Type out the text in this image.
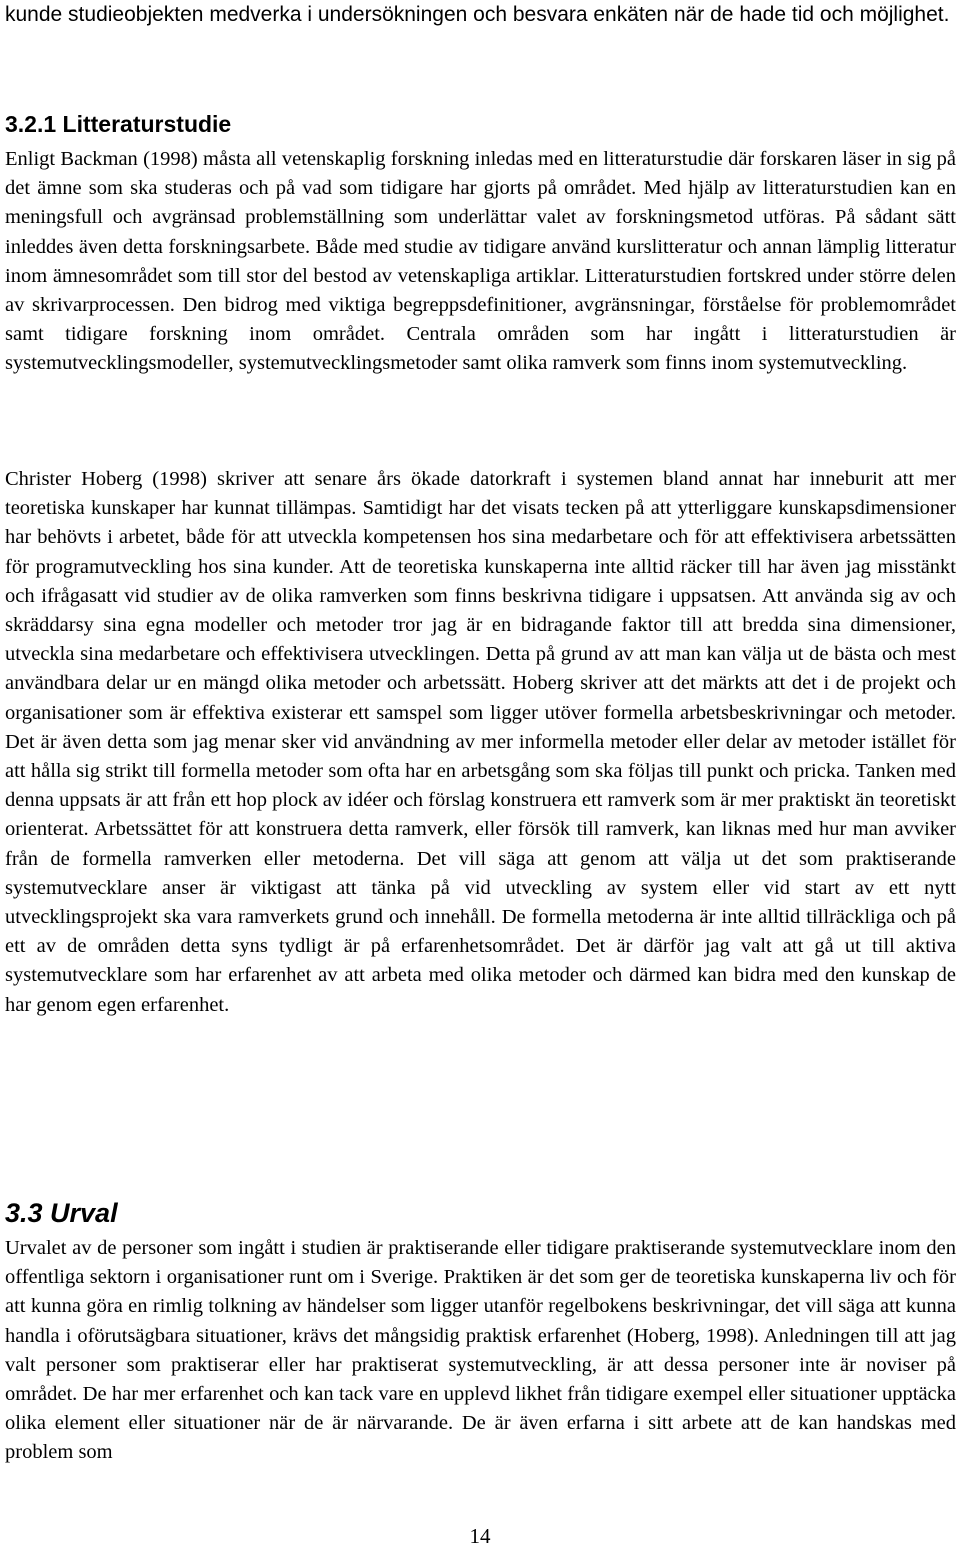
kunde studieobjekten medverka i undersökningen och besvara enkäten när de hade tid och möjlighet.

3.2.1 Litteraturstudie

Enligt Backman (1998) måsta all vetenskaplig forskning inledas med en litteraturstudie där forskaren läser in sig på det ämne som ska studeras och på vad som tidigare har gjorts på området. Med hjälp av litteraturstudien kan en meningsfull och avgränsad problemställning som underlättar valet av forskningsmetod utföras. På sådant sätt inleddes även detta forskningsarbete. Både med studie av tidigare använd kurslitteratur och annan lämplig litteratur inom ämnesområdet som till stor del bestod av vetenskapliga artiklar. Litteraturstudien fortskred under större delen av skrivarprocessen. Den bidrog med viktiga begreppsdefinitioner, avgränsningar, förståelse för problemområdet samt tidigare forskning inom området. Centrala områden som har ingått i litteraturstudien är systemutvecklingsmodeller, systemutvecklingsmetoder samt olika ramverk som finns inom systemutveckling.

Christer Hoberg (1998) skriver att senare års ökade datorkraft i systemen bland annat har inneburit att mer teoretiska kunskaper har kunnat tillämpas. Samtidigt har det visats tecken på att ytterliggare kunskapsdimensioner har behövts i arbetet, både för att utveckla kompetensen hos sina medarbetare och för att effektivisera arbetssätten för programutveckling hos sina kunder. Att de teoretiska kunskaperna inte alltid räcker till har även jag misstänkt och ifrågasatt vid studier av de olika ramverken som finns beskrivna tidigare i uppsatsen. Att använda sig av och skräddarsy sina egna modeller och metoder tror jag är en bidragande faktor till att bredda sina dimensioner, utveckla sina medarbetare och effektivisera utvecklingen. Detta på grund av att man kan välja ut de bästa och mest användbara delar ur en mängd olika metoder och arbetssätt. Hoberg skriver att det märkts att det i de projekt och organisationer som är effektiva existerar ett samspel som ligger utöver formella arbetsbeskrivningar och metoder. Det är även detta som jag menar sker vid användning av mer informella metoder eller delar av metoder istället för att hålla sig strikt till formella metoder som ofta har en arbetsgång som ska följas till punkt och pricka. Tanken med denna uppsats är att från ett hop plock av idéer och förslag konstruera ett ramverk som är mer praktiskt än teoretiskt orienterat. Arbetssättet för att konstruera detta ramverk, eller försök till ramverk, kan liknas med hur man avviker från de formella ramverken eller metoderna. Det vill säga att genom att välja ut det som praktiserande systemutvecklare anser är viktigast att tänka på vid utveckling av system eller vid start av ett nytt utvecklingsprojekt ska vara ramverkets grund och innehåll. De formella metoderna är inte alltid tillräckliga och på ett av de områden detta syns tydligt är på erfarenhetsområdet. Det är därför jag valt att gå ut till aktiva systemutvecklare som har erfarenhet av att arbeta med olika metoder och därmed kan bidra med den kunskap de har genom egen erfarenhet.

3.3 Urval

Urvalet av de personer som ingått i studien är praktiserande eller tidigare praktiserande systemutvecklare inom den offentliga sektorn i organisationer runt om i Sverige. Praktiken är det som ger de teoretiska kunskaperna liv och för att kunna göra en rimlig tolkning av händelser som ligger utanför regelbokens beskrivningar, det vill säga att kunna handla i oförutsägbara situationer, krävs det mångsidig praktisk erfarenhet (Hoberg, 1998). Anledningen till att jag valt personer som praktiserar eller har praktiserat systemutveckling, är att dessa personer inte är noviser på området. De har mer erfarenhet och kan tack vare en upplevd likhet från tidigare exempel eller situationer upptäcka olika element eller situationer när de är närvarande. De är även erfarna i sitt arbete att de kan handskas med problem som

14
